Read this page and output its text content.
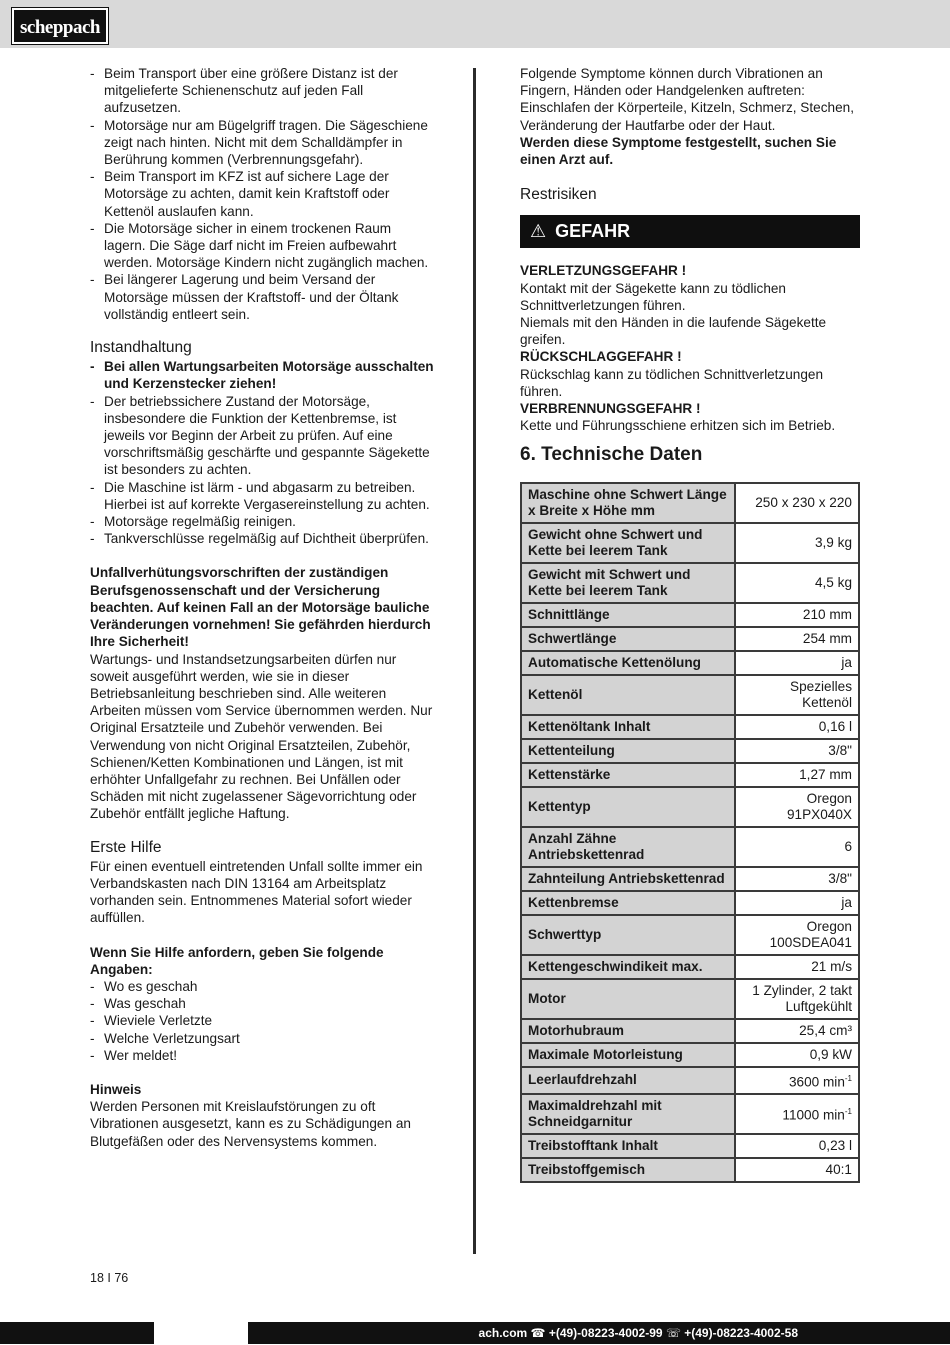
scheppach
- Beim Transport über eine größere Distanz ist der mitgelieferte Schienenschutz auf jeden Fall aufzusetzen.
- Motorsäge nur am Bügelgriff tragen. Die Sägeschiene zeigt nach hinten. Nicht mit dem Schalldämpfer in Berührung kommen (Verbrennungsgefahr).
- Beim Transport im KFZ ist auf sichere Lage der Motorsäge zu achten, damit kein Kraftstoff oder Kettenöl auslaufen kann.
- Die Motorsäge sicher in einem trockenen Raum lagern. Die Säge darf nicht im Freien aufbewahrt werden. Motorsäge Kindern nicht zugänglich machen.
- Bei längerer Lagerung und beim Versand der Motorsäge müssen der Kraftstoff- und der Öltank vollständig entleert sein.
Instandhaltung
- Bei allen Wartungsarbeiten Motorsäge ausschalten und Kerzenstecker ziehen!
- Der betriebssichere Zustand der Motorsäge, insbesondere die Funktion der Kettenbremse, ist jeweils vor Beginn der Arbeit zu prüfen. Auf eine vorschriftsmäßig geschärfte und gespannte Sägekette ist besonders zu achten.
- Die Maschine ist lärm - und abgasarm zu betreiben. Hierbei ist auf korrekte Vergasereinstellung zu achten.
- Motorsäge regelmäßig reinigen.
- Tankverschlüsse regelmäßig auf Dichtheit überprüfen.

Unfallverhütungsvorschriften der zuständigen Berufsgenossenschaft und der Versicherung beachten. Auf keinen Fall an der Motorsäge bauliche Veränderungen vornehmen! Sie gefährden hierdurch Ihre Sicherheit!

Wartungs- und Instandsetzungsarbeiten dürfen nur soweit ausgeführt werden, wie sie in dieser Betriebsanleitung beschrieben sind. Alle weiteren Arbeiten müssen vom Service übernommen werden. Nur Original Ersatzteile und Zubehör verwenden. Bei Verwendung von nicht Original Ersatzteilen, Zubehör, Schienen/Ketten Kombinationen und Längen, ist mit erhöhter Unfallgefahr zu rechnen. Bei Unfällen oder Schäden mit nicht zugelassener Sägevorrichtung oder Zubehör entfällt jegliche Haftung.

Erste Hilfe

Für einen eventuell eintretenden Unfall sollte immer ein Verbandskasten nach DIN 13164 am Arbeitsplatz vorhanden sein. Entnommenes Material sofort wieder auffüllen.

Wenn Sie Hilfe anfordern, geben Sie folgende Angaben:

- Wo es geschah
- Was geschah
- Wieviele Verletzte
- Welche Verletzungsart
- Wer meldet!

Hinweis

Werden Personen mit Kreislaufstörungen zu oft Vibrationen ausgesetzt, kann es zu Schädigungen an Blutgefäßen oder des Nervensystems kommen.

Folgende Symptome können durch Vibrationen an Fingern, Händen oder Handgelenken auftreten: Einschlafen der Körperteile, Kitzeln, Schmerz, Stechen, Veränderung der Hautfarbe oder der Haut.

Werden diese Symptome festgestellt, suchen Sie einen Arzt auf.

Restrisiken
⚠ GEFAHR

VERLETZUNGSGEFAHR !

Kontakt mit der Sägekette kann zu tödlichen Schnittverletzungen führen.

Niemals mit den Händen in die laufende Sägekette greifen.

RÜCKSCHLAGGEFAHR !

Rückschlag kann zu tödlichen Schnittverletzungen führen.

VERBRENNUNGSGEFAHR !

Kette und Führungsschiene erhitzen sich im Betrieb.

6. Technische Daten
Maschine ohne Schwert Länge x Breite x Höhe mm	250 x 230 x 220
Gewicht ohne Schwert und Kette bei leerem Tank	3,9 kg
Gewicht mit Schwert und Kette bei leerem Tank	4,5 kg
Schnittlänge	210 mm
Schwertlänge	254 mm
Automatische Kettenölung	ja
Kettenöl	Spezielles Kettenöl
Kettenöltank Inhalt	0,16 l
Kettenteilung	3/8"
Kettenstärke	1,27 mm
Kettentyp	Oregon 91PX040X
Anzahl Zähne Antriebskettenrad	6
Zahnteilung Antriebskettenrad	3/8"
Kettenbremse	ja
Schwerttyp	Oregon 100SDEA041
Kettengeschwindikeit max.	21 m/s
Motor	1 Zylinder, 2 takt Luftgekühlt
Motorhubraum	25,4 cm³
Maximale Motorleistung	0,9 kW
Leerlaufdrehzahl	3600 $\min^{-1}$
Maximaldrehzahl mit Schneidgarnitur	11000 $\min^{-1}$
Treibstofftank Inhalt	0,23 l
Treibstoffgemisch	40:1
18 I 76
ach.com ☎ +(49)-08223-4002-99 ☏ +(49)-08223-4002-58
